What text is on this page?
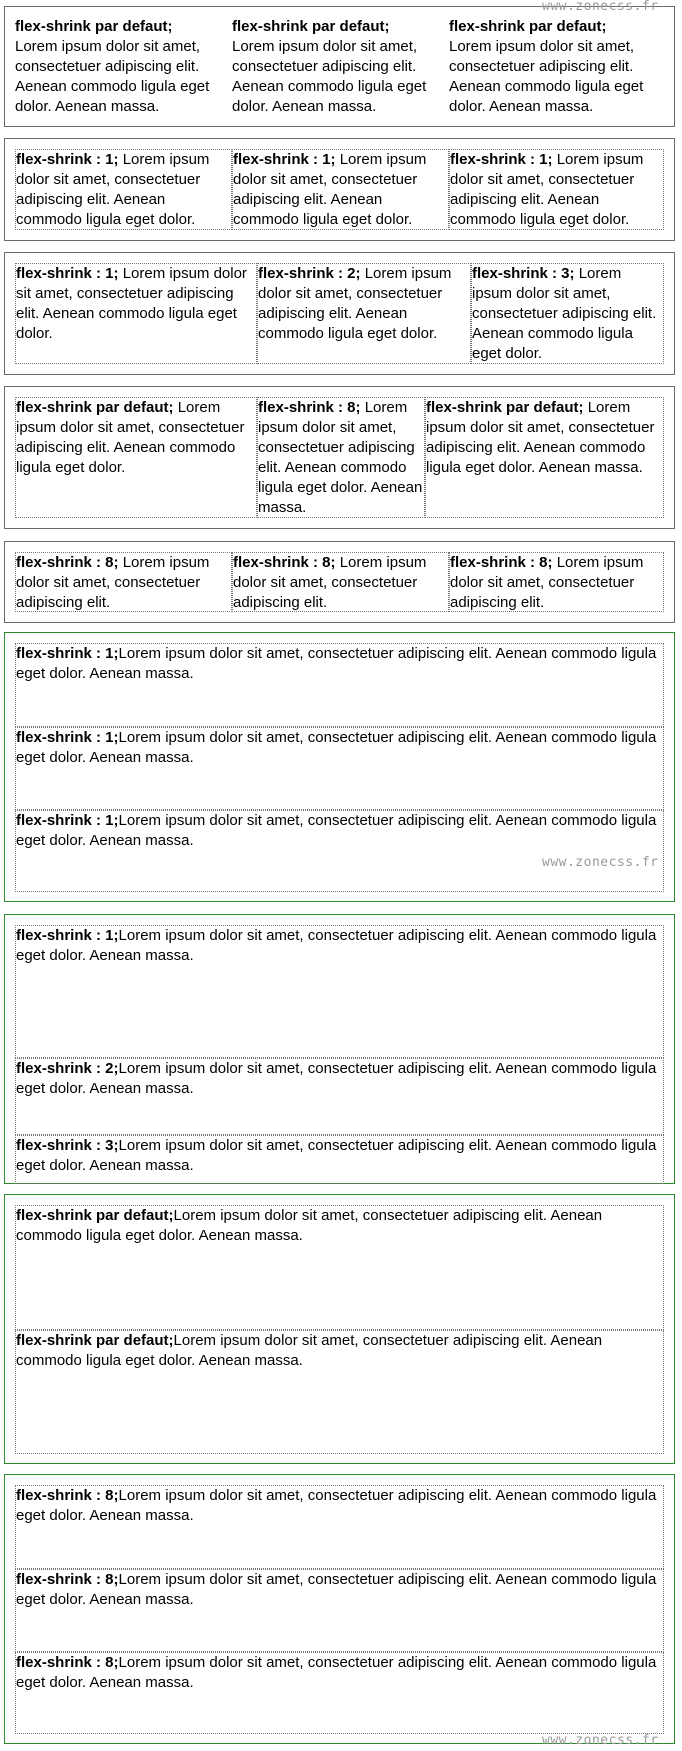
flex-shrink par defaut;
Lorem ipsum dolor sit amet, consectetuer adipiscing elit. Aenean commodo ligula eget dolor. Aenean massa.
flex-shrink par defaut;
Lorem ipsum dolor sit amet, consectetuer adipiscing elit. Aenean commodo ligula eget dolor. Aenean massa.
flex-shrink par defaut;
Lorem ipsum dolor sit amet, consectetuer adipiscing elit. Aenean commodo ligula eget dolor. Aenean massa.
flex-shrink : 1; Lorem ipsum dolor sit amet, consectetuer adipiscing elit. Aenean commodo ligula eget dolor.
flex-shrink : 1; Lorem ipsum dolor sit amet, consectetuer adipiscing elit. Aenean commodo ligula eget dolor.
flex-shrink : 1; Lorem ipsum dolor sit amet, consectetuer adipiscing elit. Aenean commodo ligula eget dolor.
flex-shrink : 1; Lorem ipsum dolor sit amet, consectetuer adipiscing elit. Aenean commodo ligula eget dolor.
flex-shrink : 2; Lorem ipsum dolor sit amet, consectetuer adipiscing elit. Aenean commodo ligula eget dolor.
flex-shrink : 3; Lorem ipsum dolor sit amet, consectetuer adipiscing elit. Aenean commodo ligula eget dolor.
flex-shrink par defaut; Lorem ipsum dolor sit amet, consectetuer adipiscing elit. Aenean commodo ligula eget dolor.
flex-shrink : 8; Lorem ipsum dolor sit amet, consectetuer adipiscing elit. Aenean commodo ligula eget dolor. Aenean massa.
flex-shrink par defaut; Lorem ipsum dolor sit amet, consectetuer adipiscing elit. Aenean commodo ligula eget dolor. Aenean massa.
flex-shrink : 8; Lorem ipsum dolor sit amet, consectetuer adipiscing elit.
flex-shrink : 8; Lorem ipsum dolor sit amet, consectetuer adipiscing elit.
flex-shrink : 8; Lorem ipsum dolor sit amet, consectetuer adipiscing elit.
flex-shrink : 1;Lorem ipsum dolor sit amet, consectetuer adipiscing elit. Aenean commodo ligula eget dolor. Aenean massa.
flex-shrink : 1;Lorem ipsum dolor sit amet, consectetuer adipiscing elit. Aenean commodo ligula eget dolor. Aenean massa.
flex-shrink : 1;Lorem ipsum dolor sit amet, consectetuer adipiscing elit. Aenean commodo ligula eget dolor. Aenean massa.
flex-shrink : 1;Lorem ipsum dolor sit amet, consectetuer adipiscing elit. Aenean commodo ligula eget dolor. Aenean massa.
flex-shrink : 2;Lorem ipsum dolor sit amet, consectetuer adipiscing elit. Aenean commodo ligula eget dolor. Aenean massa.
flex-shrink : 3;Lorem ipsum dolor sit amet, consectetuer adipiscing elit. Aenean commodo ligula eget dolor. Aenean massa.
flex-shrink par defaut;Lorem ipsum dolor sit amet, consectetuer adipiscing elit. Aenean commodo ligula eget dolor. Aenean massa.
flex-shrink par defaut;Lorem ipsum dolor sit amet, consectetuer adipiscing elit. Aenean commodo ligula eget dolor. Aenean massa.
flex-shrink : 8;Lorem ipsum dolor sit amet, consectetuer adipiscing elit. Aenean commodo ligula eget dolor. Aenean massa.
flex-shrink : 8;Lorem ipsum dolor sit amet, consectetuer adipiscing elit. Aenean commodo ligula eget dolor. Aenean massa.
flex-shrink : 8;Lorem ipsum dolor sit amet, consectetuer adipiscing elit. Aenean commodo ligula eget dolor. Aenean massa.
www.zonecss.fr
www.zonecss.fr
www.zonecss.fr
